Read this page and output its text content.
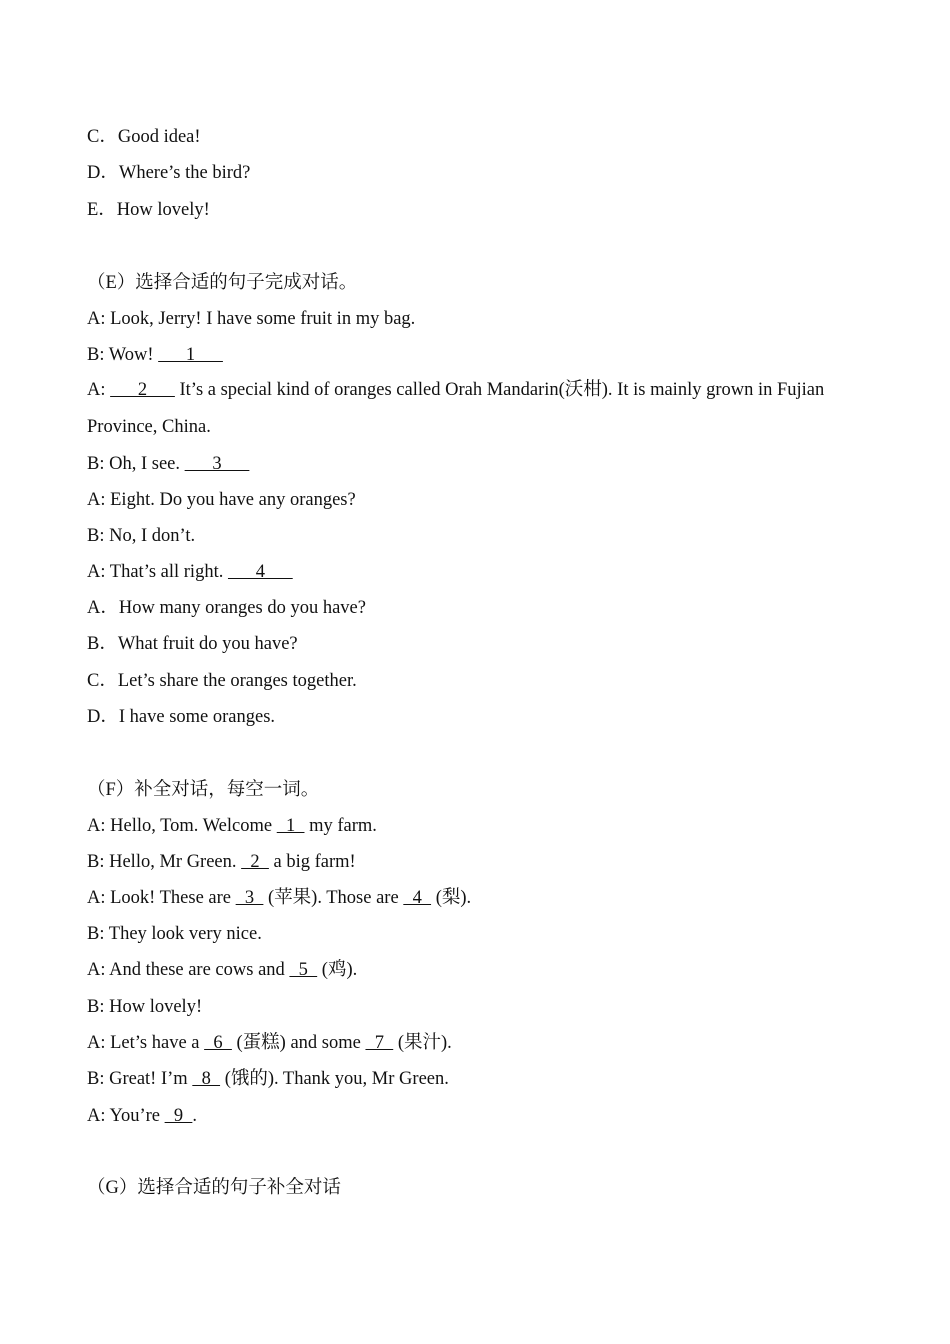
C．Good idea!
D．Where’s the bird?
E．How lovely!
（E）选择合适的句子完成对话。
A: Look, Jerry! I have some fruit in my bag.
B: Wow!       1
A:       2       It’s a special kind of oranges called Orah Mandarin(沃柑). It is mainly grown in Fujian Province, China.
B: Oh, I see.       3
A: Eight. Do you have any oranges?
B: No, I don’t.
A: That’s all right.       4
A．How many oranges do you have?
B．What fruit do you have?
C．Let’s share the oranges together.
D．I have some oranges.
（F）补全对话，每空一词。
A: Hello, Tom. Welcome   1   my farm.
B: Hello, Mr Green.   2   a big farm!
A: Look! These are   3   (苹果). Those are   4   (梨).
B: They look very nice.
A: And these are cows and   5   (鸡).
B: How lovely!
A: Let’s have a   6   (蛋糕) and some   7   (果汁).
B: Great! I’m   8   (饿的). Thank you, Mr Green.
A: You’re   9  .
（G）选择合适的句子补全对话
